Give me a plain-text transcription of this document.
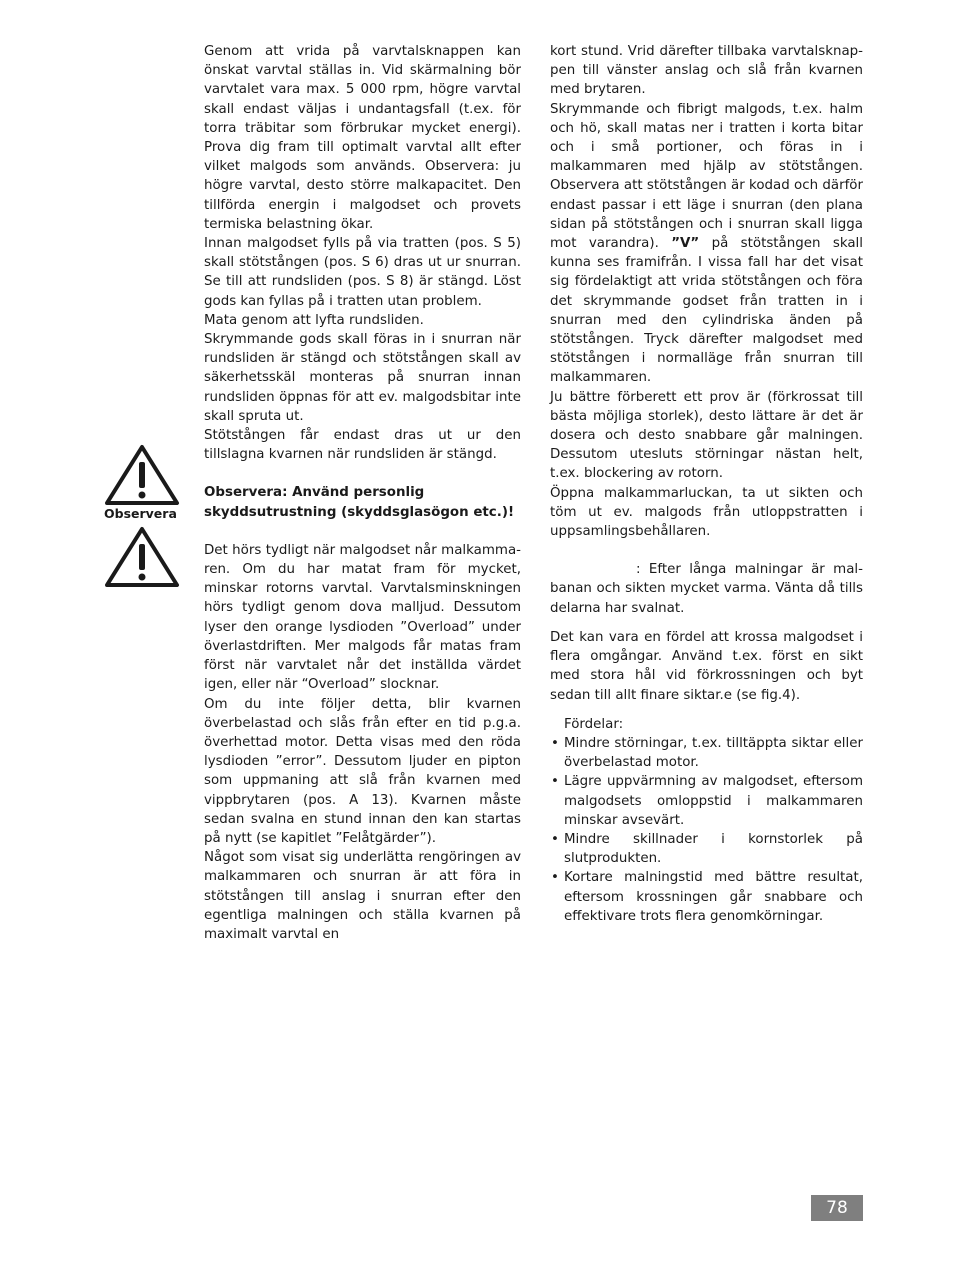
Observera

Genom att vrida på varvtalsknappen kan önskat varvtal ställas in. Vid skärmalning bör varvtalet vara max. 5 000 rpm, högre varvtal skall endast väljas i undantagsfall (t.ex. för torra träbitar som förbrukar mycket energi). Prova dig fram till optimalt varvtal allt efter vilket malgods som används. Observera: ju högre varvtal, desto större malkapacitet. Den tillförda energin i malgodset och provets termiska belastning ökar.

Innan malgodset fylls på via tratten (pos. S 5) skall stötstången (pos. S 6) dras ut ur snurran. Se till att rundsliden (pos. S 8) är stängd. Löst gods kan fyllas på i tratten utan problem.

Mata genom att lyfta rundsliden.

Skrymmande gods skall föras in i snurran när rundsliden är stängd och stötstången skall av säkerhetsskäl monteras på snurran innan rundsliden öppnas för att ev. malgodsbitar inte skall spruta ut.

Stötstången får endast dras ut ur den tillslagna kvarnen när rundsliden är stängd.

Observera: Använd personlig skyddsutrustning (skyddsglasögon etc.)!

Det hörs tydligt när malgodset når malkammaren. Om du har matat fram för mycket, minskar rotorns varvtal. Varvtalsminskningen hörs tydligt genom dova malljud. Dessutom lyser den orange lysdioden ”Overload” under överlastdriften. Mer malgods får matas fram först när varvtalet når det inställda värdet igen, eller när “Overload” slocknar.

Om du inte följer detta, blir kvarnen överbelastad och slås från efter en tid p.g.a. överhettad motor. Detta visas med den röda lysdioden ”error”. Dessutom ljuder en pipton som uppmaning att slå från kvarnen med vippbrytaren (pos. A 13). Kvarnen måste sedan svalna en stund innan den kan startas på nytt (se kapitlet ”Felåtgärder”).

Något som visat sig underlätta rengöringen av malkammaren och snurran är att föra in stötstången till anslag i snurran efter den egentliga malningen och ställa kvarnen på maximalt varvtal en

kort stund. Vrid därefter tillbaka varvtalsknappen till vänster anslag och slå från kvarnen med brytaren.

Skrymmande och fibrigt malgods, t.ex. halm och hö, skall matas ner i tratten i korta bitar och i små portioner, och föras in i malkammaren med hjälp av stötstången. Observera att stötstången är kodad och därför endast passar i ett läge i snurran (den plana sidan på stötstången och i snurran skall ligga mot varandra). ”V” på stötstången skall kunna ses framifrån. I vissa fall har det visat sig fördelaktigt att vrida stötstången och föra det skrymmande godset från tratten in i snurran med den cylindriska änden på stötstången. Tryck därefter malgodset med stötstången i normalläge från snurran till malkammaren.

Ju bättre förberett ett prov är (förkrossat till bästa möjliga storlek), desto lättare är det är dosera och desto snabbare går malningen. Dessutom utesluts störningar nästan helt, t.ex. blockering av rotorn.

Öppna malkammarluckan, ta ut sikten och töm ut ev. malgods från utloppstratten i uppsamlingsbehållaren.

: Efter långa malningar är malbanan och sikten mycket varma. Vänta då tills delarna har svalnat.

Det kan vara en fördel att krossa malgodset i flera omgångar. Använd t.ex. först en sikt med stora hål vid förkrossningen och byt sedan till allt finare siktar.e (se fig.4).

Fördelar:

• Mindre störningar, t.ex. tilltäppta siktar eller överbelastad motor.
• Lägre uppvärmning av malgodset, eftersom malgodsets omloppstid i malkammaren minskar avsevärt.
• Mindre skillnader i kornstorlek på slutprodukten.
• Kortare malningstid med bättre resultat, eftersom krossningen går snabbare och effektivare trots flera genomkörningar.
78
